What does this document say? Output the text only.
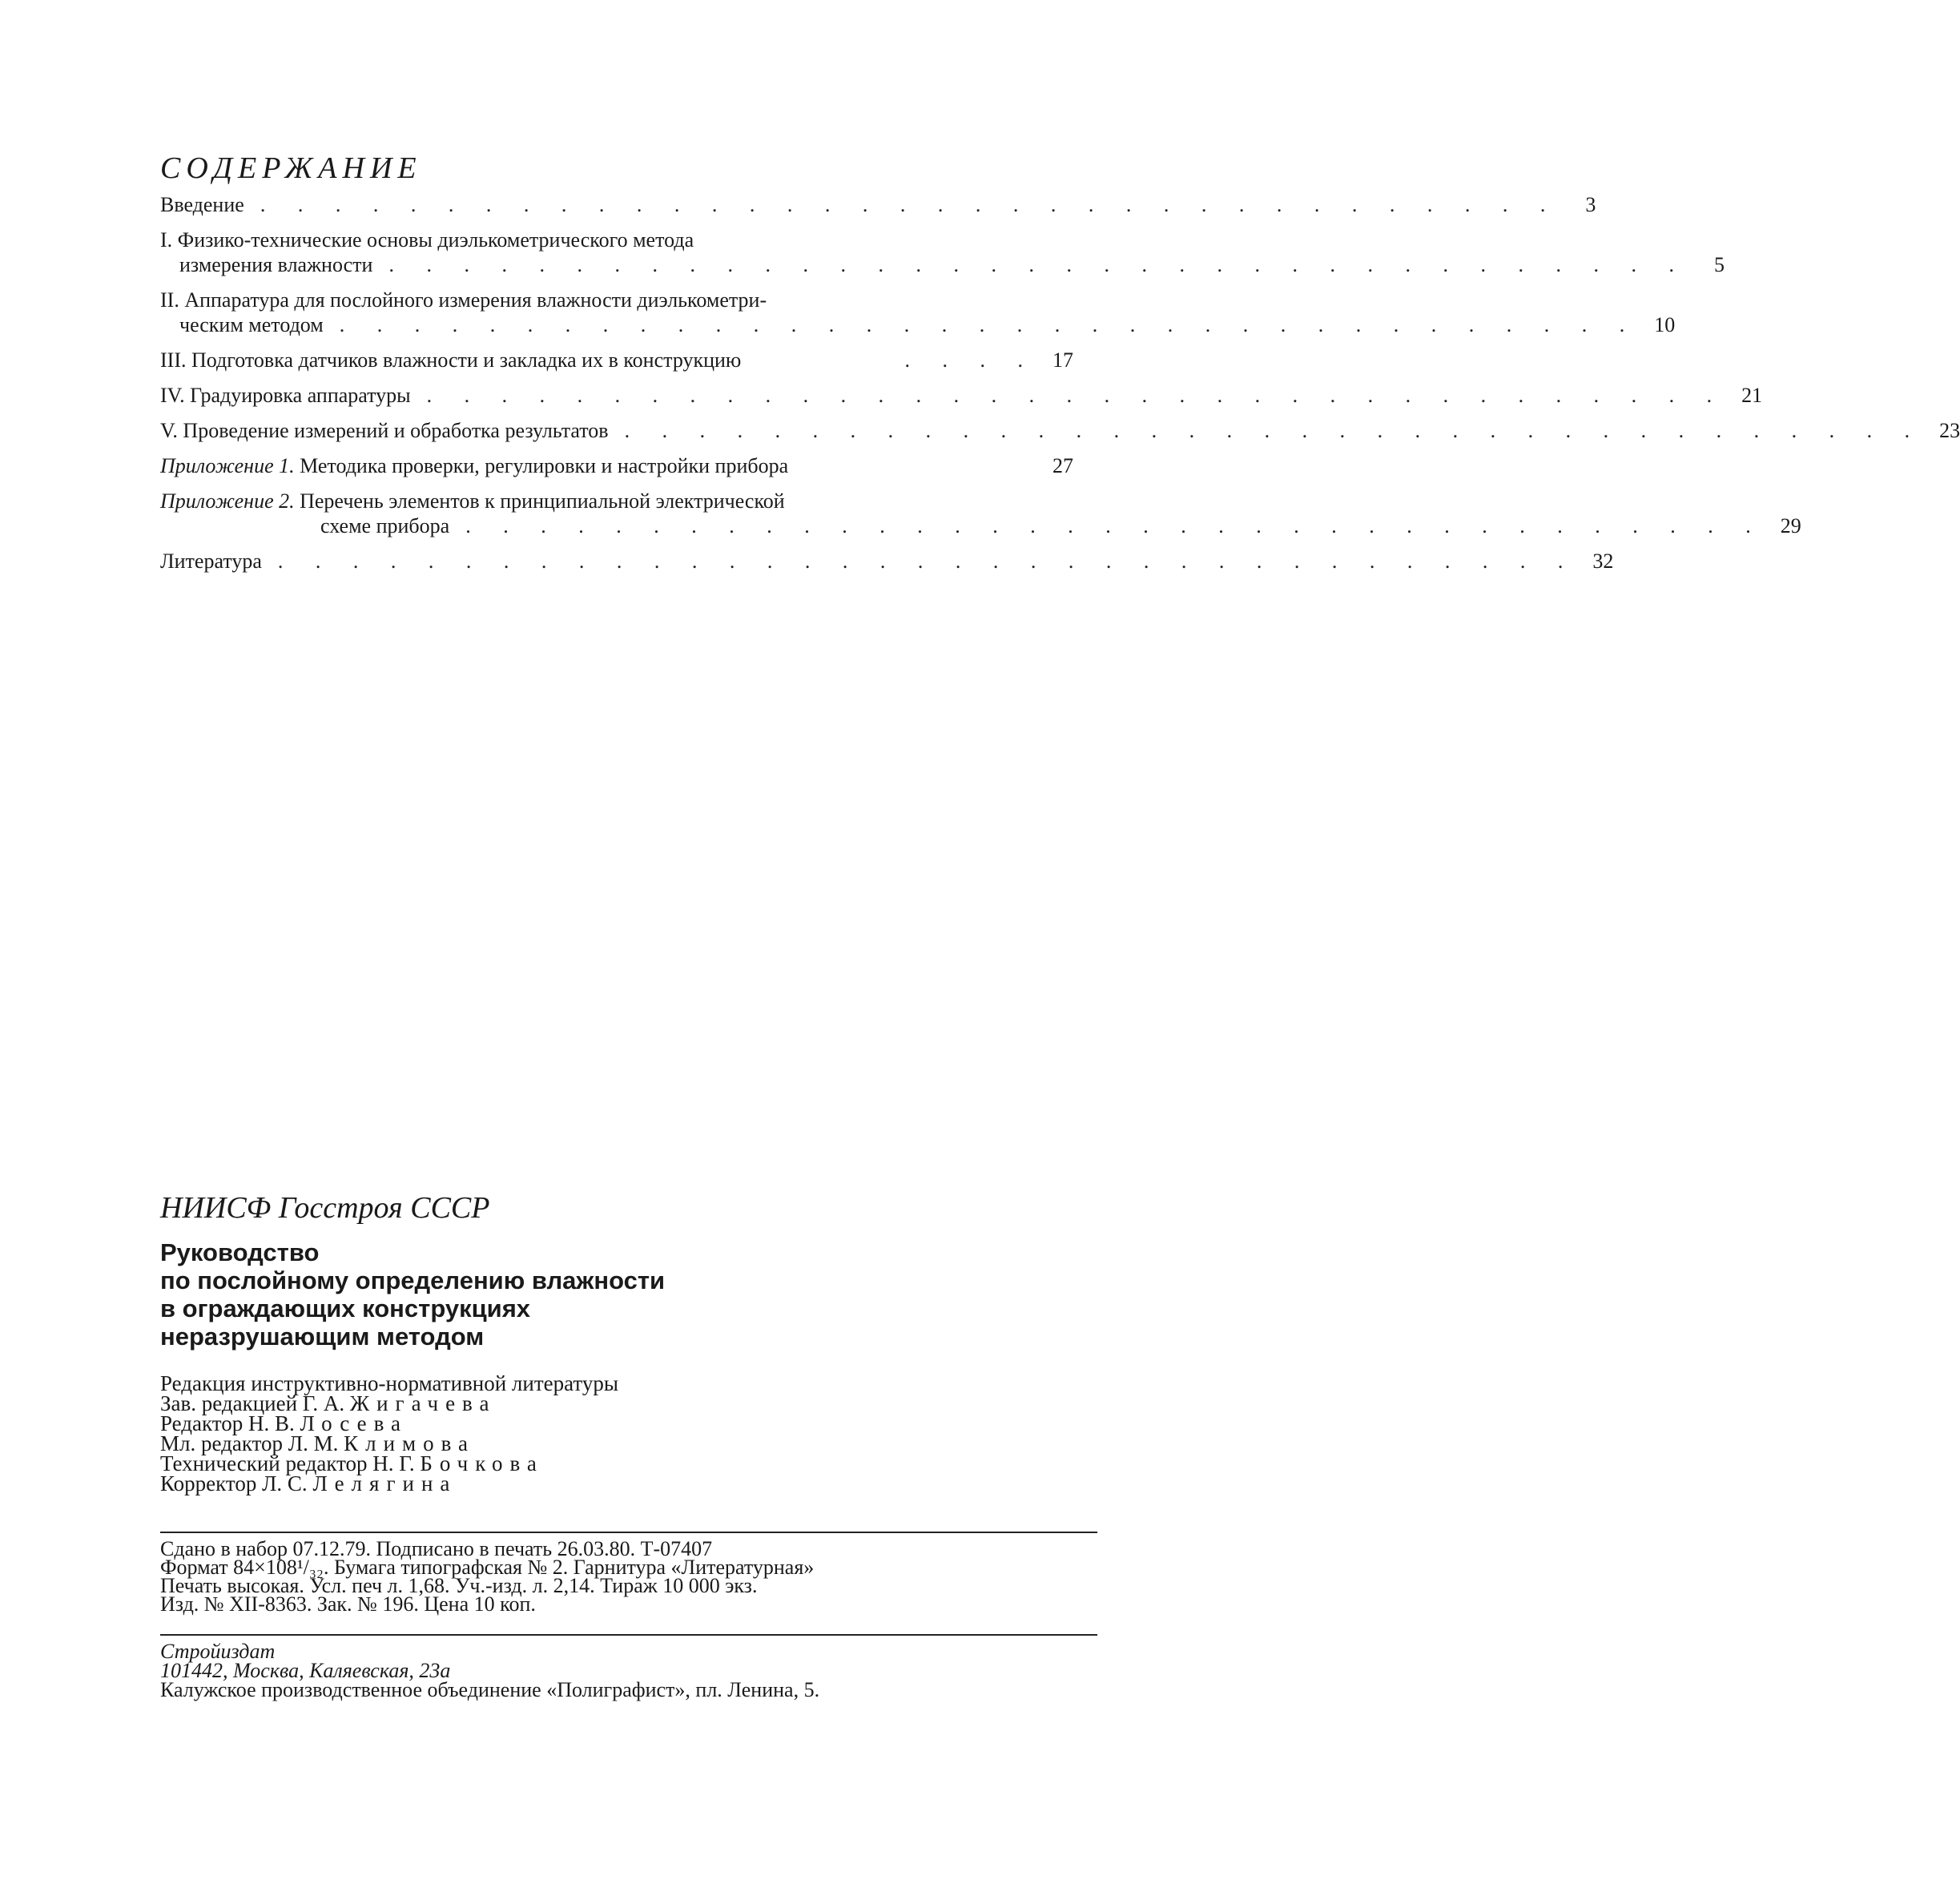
СОДЕРЖАНИЕ
Введение . . . . . . . . . . . . . . . . . . . . . . . . . . . . . . . . . . .	3
I. Физико-технические основы диэлькометрического метода
измерения влажности . . . . . . . . . . . . . . . . . . . . . . . . . . . . . . . . . . .	5
II. Аппаратура для послойного измерения влажности диэлькометри-
ческим методом . . . . . . . . . . . . . . . . . . . . . . . . . . . . . . . . . . . 10
III. Подготовка датчиков влажности и закладка их в конструкцию	. . . . 17
IV. Градуировка аппаратуры . . . . . . . . . . . . . . . . . . . . . . . . . . . . . . . . . . . 21
V. Проведение измерений и обработка результатов . . . . . . . . . . . . . . . . . . . . . . . . . . . . . . . . . . . 23
Приложение 1. Методика проверки, регулировки и настройки прибора	27
Приложение 2. Перечень элементов к принципиальной электрической
схеме прибора . . . . . . . . . . . . . . . . . . . . . . . . . . . . . . . . . . . 29
Литература . . . . . . . . . . . . . . . . . . . . . . . . . . . . . . . . . . . 32
НИИСФ Госстроя СССР
Руководство
по послойному определению влажности
в ограждающих конструкциях
неразрушающим методом
Редакция инструктивно-нормативной литературы
Зав. редакцией Г. А. Жигачева
Редактор Н. В. Лосева
Мл. редактор Л. М. Климова
Технический редактор Н. Г. Бочкова
Корректор Л. С. Лелягина
Сдано в набор 07.12.79. Подписано в печать 26.03.80. Т-07407
Формат 84×108¹/₃₂. Бумага типографская № 2. Гарнитура «Литературная»
Печать высокая. Усл. печ л. 1,68. Уч.-изд. л. 2,14. Тираж 10 000 экз.
Изд. № XII-8363. Зак. № 196. Цена 10 коп.
Стройиздат
101442, Москва, Каляевская, 23а
Калужское производственное объединение «Полиграфист», пл. Ленина, 5.
